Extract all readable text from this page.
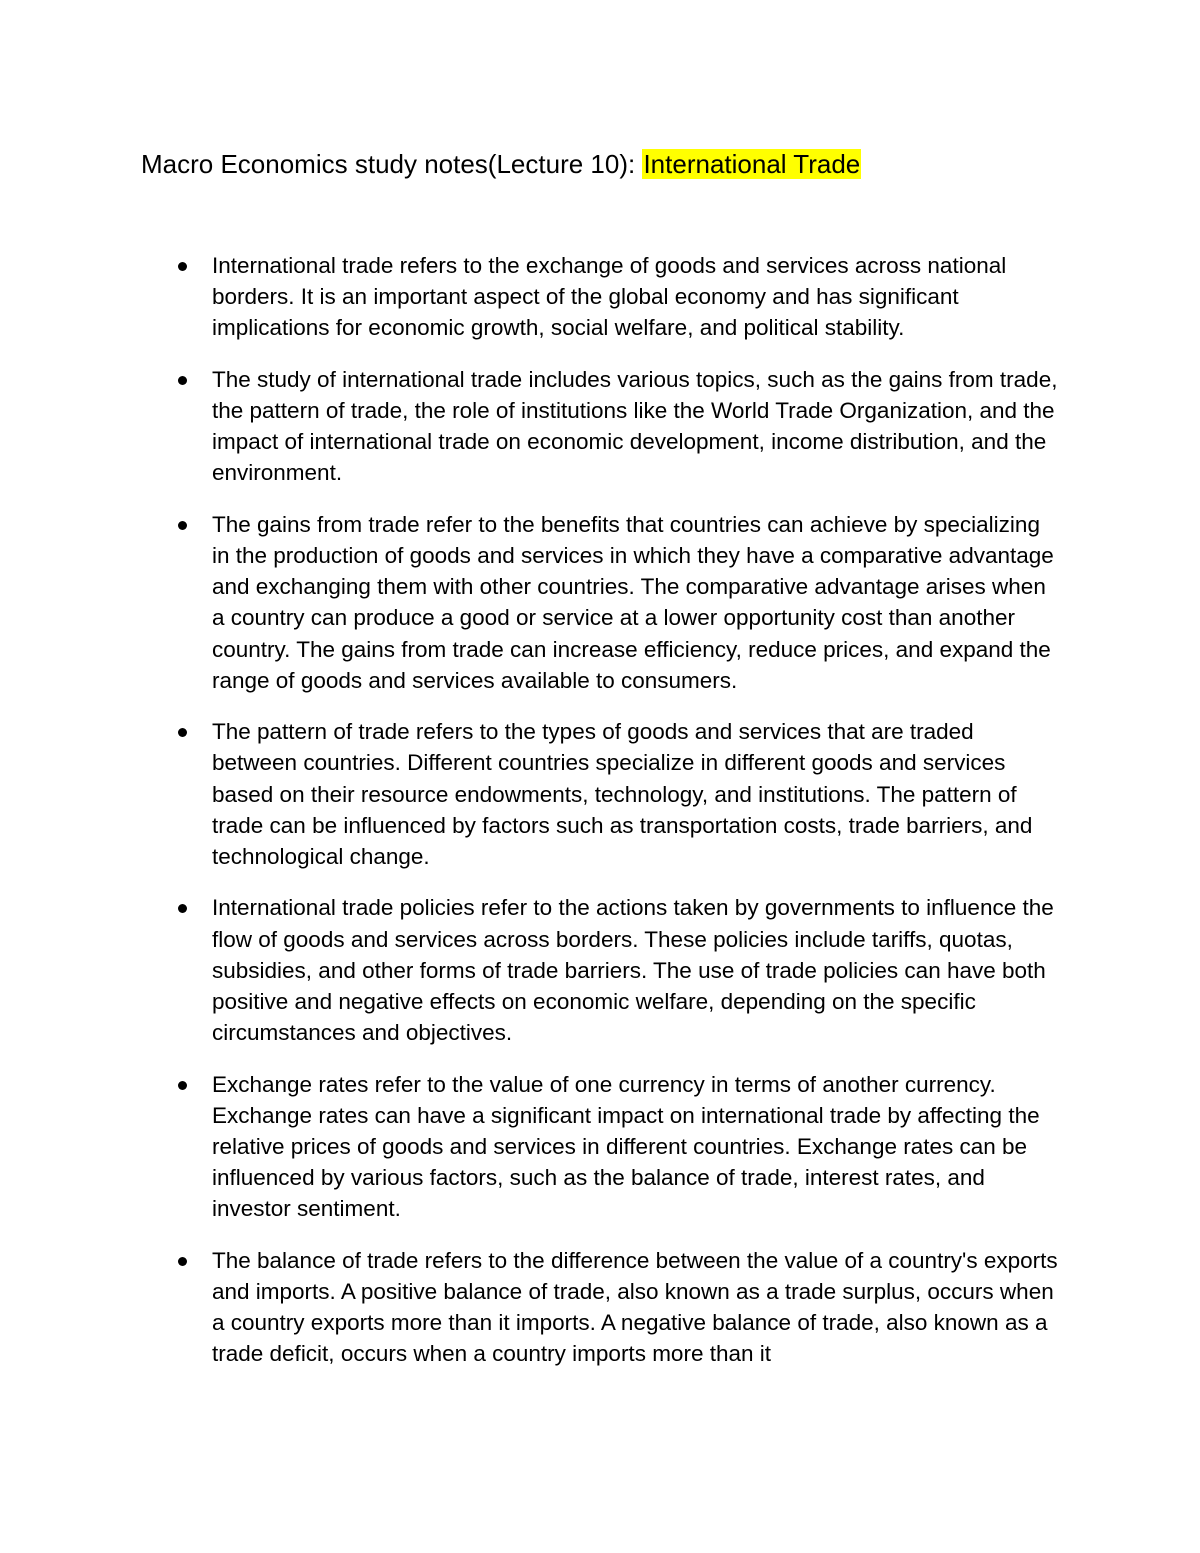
Macro Economics study notes(Lecture 10): International Trade
International trade refers to the exchange of goods and services across national borders. It is an important aspect of the global economy and has significant implications for economic growth, social welfare, and political stability.
The study of international trade includes various topics, such as the gains from trade, the pattern of trade, the role of institutions like the World Trade Organization, and the impact of international trade on economic development, income distribution, and the environment.
The gains from trade refer to the benefits that countries can achieve by specializing in the production of goods and services in which they have a comparative advantage and exchanging them with other countries. The comparative advantage arises when a country can produce a good or service at a lower opportunity cost than another country. The gains from trade can increase efficiency, reduce prices, and expand the range of goods and services available to consumers.
The pattern of trade refers to the types of goods and services that are traded between countries. Different countries specialize in different goods and services based on their resource endowments, technology, and institutions. The pattern of trade can be influenced by factors such as transportation costs, trade barriers, and technological change.
International trade policies refer to the actions taken by governments to influence the flow of goods and services across borders. These policies include tariffs, quotas, subsidies, and other forms of trade barriers. The use of trade policies can have both positive and negative effects on economic welfare, depending on the specific circumstances and objectives.
Exchange rates refer to the value of one currency in terms of another currency. Exchange rates can have a significant impact on international trade by affecting the relative prices of goods and services in different countries. Exchange rates can be influenced by various factors, such as the balance of trade, interest rates, and investor sentiment.
The balance of trade refers to the difference between the value of a country's exports and imports. A positive balance of trade, also known as a trade surplus, occurs when a country exports more than it imports. A negative balance of trade, also known as a trade deficit, occurs when a country imports more than it
